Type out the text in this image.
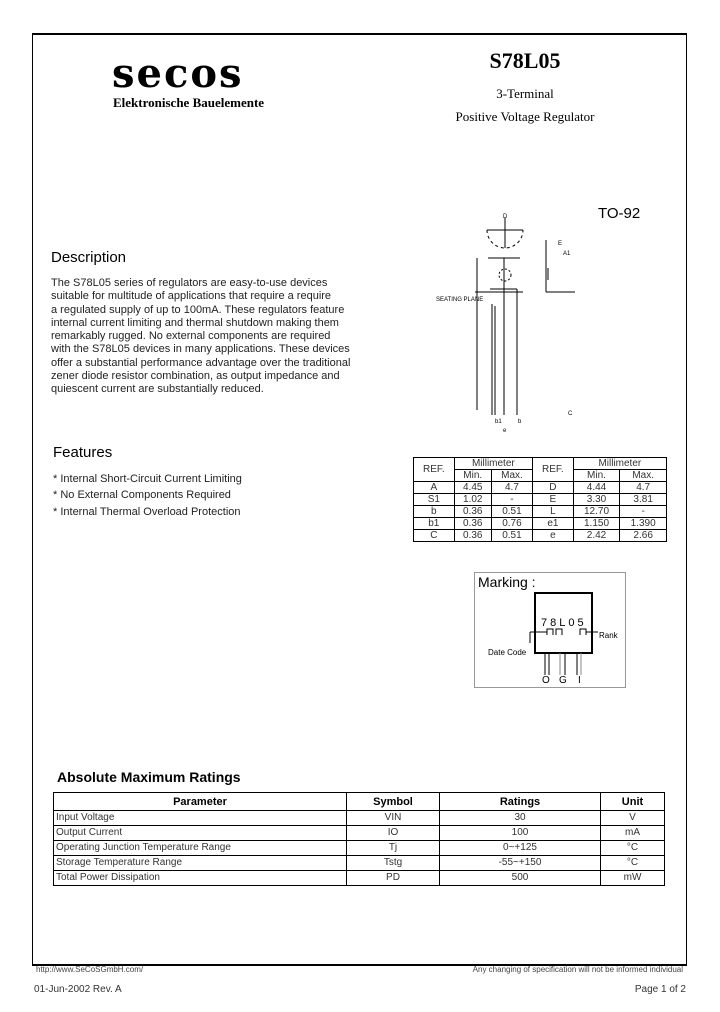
secos
Elektronische Bauelemente
S78L05
3-Terminal
Positive Voltage Regulator
TO-92
D
E
A1
SEATING PLANE
C
b1	b
e
Description
The S78L05 series of regulators are easy-to-use devices
suitable for multitude of applications that require a require
a regulated supply of up to 100mA. These regulators feature
internal current limiting and thermal shutdown making them
remarkably rugged. No external components are required
with the S78L05 devices in many applications. These devices
offer a substantial performance advantage over the traditional
zener diode resistor combination, as output impedance and
quiescent current are substantially reduced.
Features
* Internal Short-Circuit Current Limiting
* No External Components Required
* Internal Thermal Overload Protection
REF.	Millimeter		REF.	Millimeter	
	Min.	Max.		Min.	Max.
A	4.45	4.7	D	4.44	4.7
S1	1.02	-	E	3.30	3.81
b	0.36	0.51	L	12.70	-
b1	0.36	0.76	e1	1.150	1.390
C	0.36	0.51	e	2.42	2.66
Marking :
78L05
Date Code
Rank
O G I
Absolute Maximum Ratings
Parameter	Symbol	Ratings	Unit
Input Voltage	VIN	30	V
Output Current	IO	100	mA
Operating Junction Temperature Range	Tj	0~+125	°C
Storage Temperature Range	Tstg	-55~+150	°C
Total Power Dissipation	PD	500	mW
http://www.SeCoSGmbH.com/	Any changing of specification will not be informed individual
01-Jun-2002 Rev. A	Page 1 of 2
